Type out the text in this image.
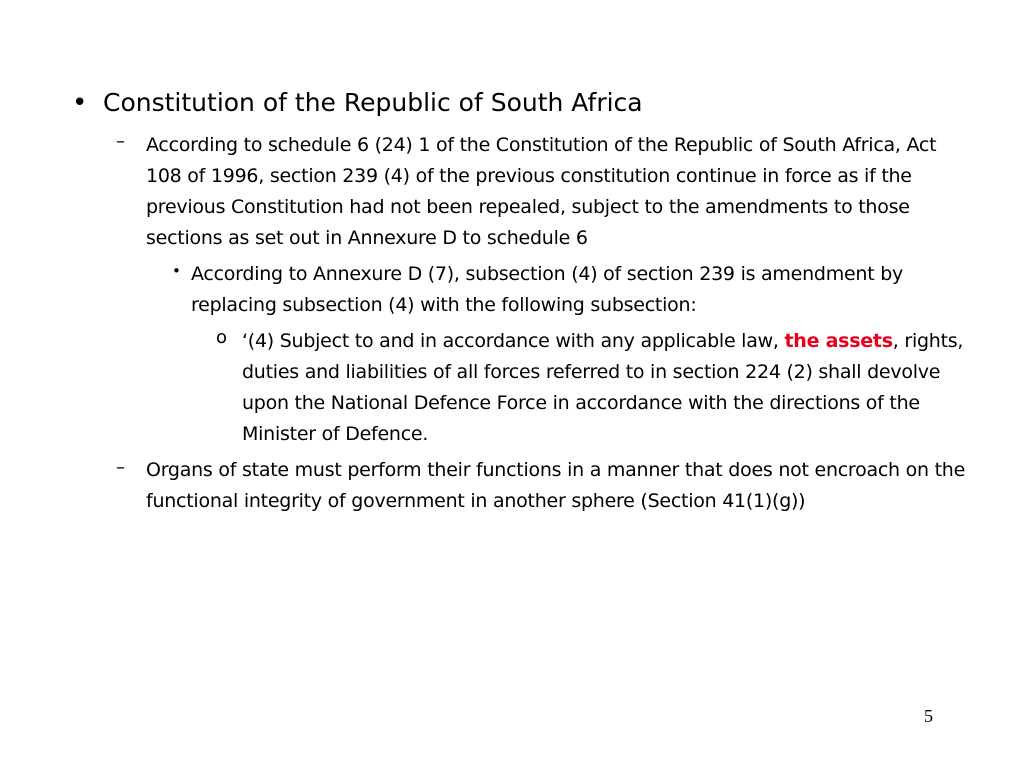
• Constitution of the Republic of South Africa
– According to schedule 6 (24) 1 of the Constitution of the Republic of South Africa, Act 108 of 1996, section 239 (4) of the previous constitution continue in force as if the previous Constitution had not been repealed, subject to the amendments to those sections as set out in Annexure D to schedule 6
• According to Annexure D (7), subsection (4) of section 239 is amendment by replacing subsection (4) with the following subsection:
o ‘(4) Subject to and in accordance with any applicable law, the assets, rights, duties and liabilities of all forces referred to in section 224 (2) shall devolve upon the National Defence Force in accordance with the directions of the Minister of Defence.
– Organs of state must perform their functions in a manner that does not encroach on the functional integrity of government in another sphere (Section 41(1)(g))
5
